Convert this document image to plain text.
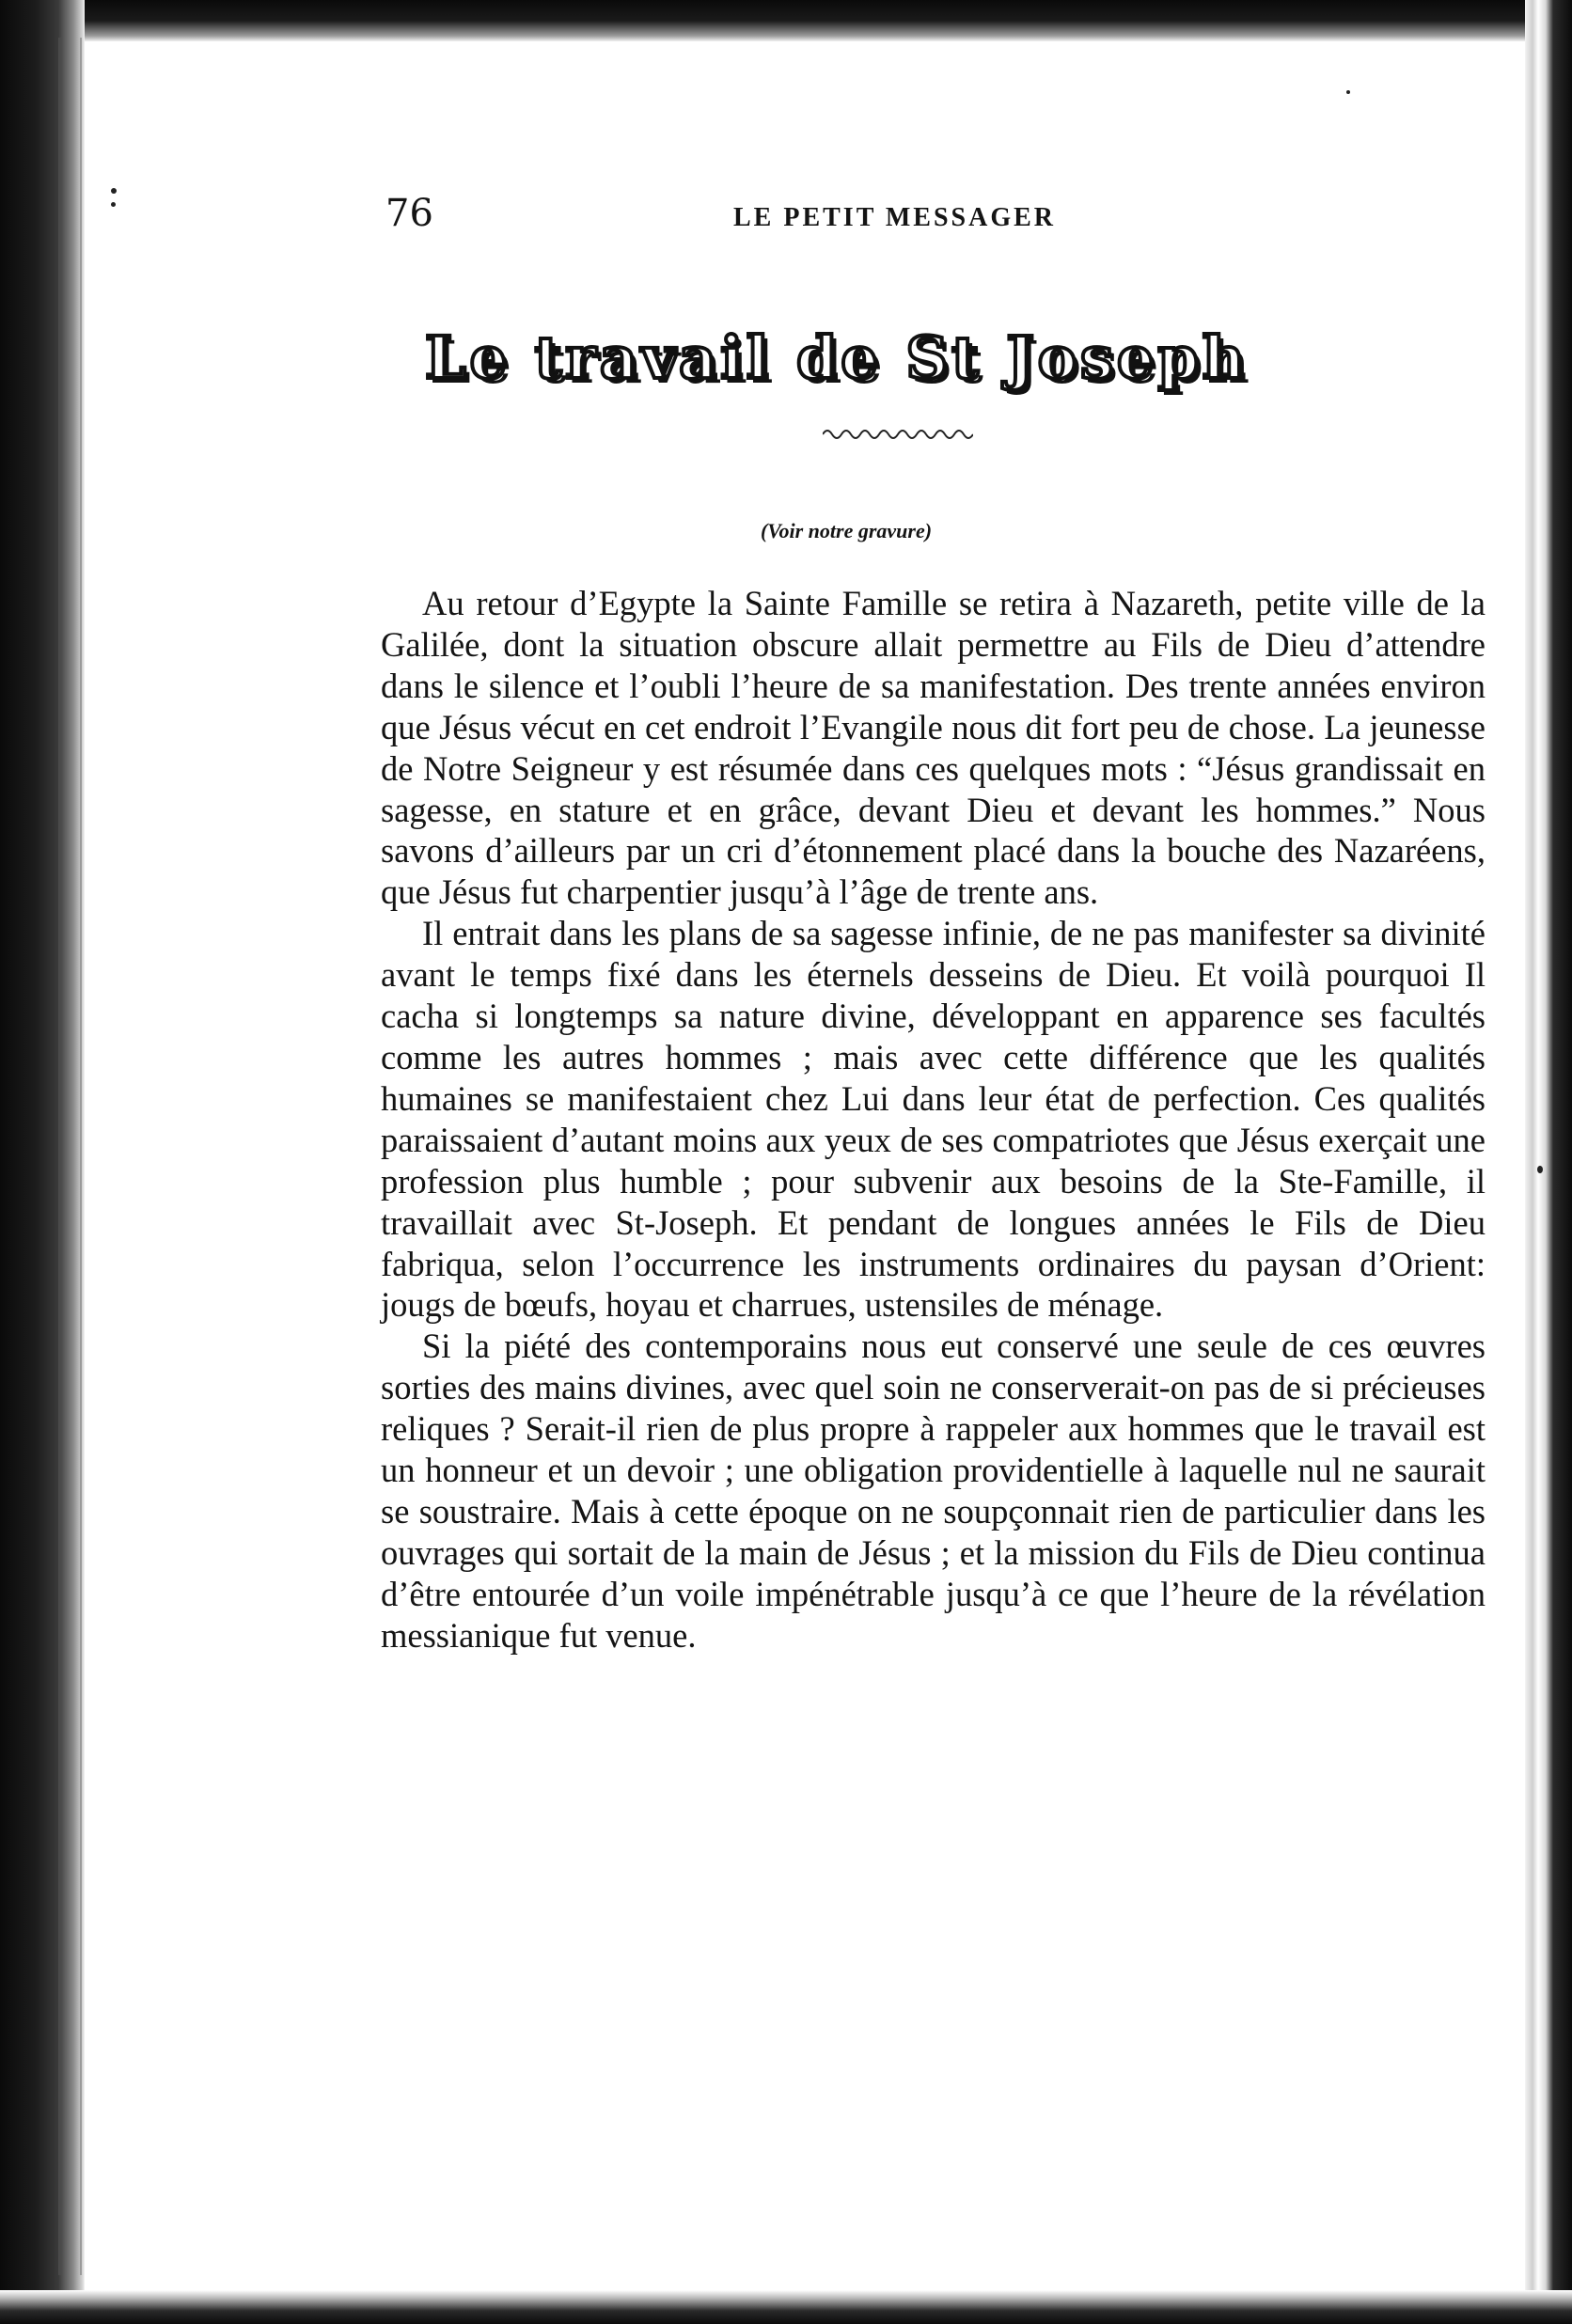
76	LE PETIT MESSAGER
Le travail de St Joseph
(Voir notre gravure)

Au retour d’Egypte la Sainte Famille se retira à Nazareth, petite ville de la Galilée, dont la situation obscure allait permettre au Fils de Dieu d’attendre dans le silence et l’oubli l’heure de sa manifestation. Des trente années environ que Jésus vécut en cet endroit l’Evangile nous dit fort peu de chose. La jeunesse de Notre Seigneur y est résumée dans ces quelques mots : “Jésus grandissait en sagesse, en stature et en grâce, devant Dieu et devant les hommes.” Nous savons d’ailleurs par un cri d’étonnement placé dans la bouche des Nazaréens, que Jésus fut charpentier jusqu’à l’âge de trente ans.

Il entrait dans les plans de sa sagesse infinie, de ne pas manifester sa divinité avant le temps fixé dans les éternels desseins de Dieu. Et voilà pourquoi Il cacha si longtemps sa nature divine, développant en apparence ses facultés comme les autres hommes ; mais avec cette différence que les qualités humaines se manifestaient chez Lui dans leur état de perfection. Ces qualités paraissaient d’autant moins aux yeux de ses compatriotes que Jésus exerçait une profession plus humble ; pour subvenir aux besoins de la Ste-Famille, il travaillait avec St-Joseph. Et pendant de longues années le Fils de Dieu fabriqua, selon l’occurrence les instruments ordinaires du paysan d’Orient: jougs de bœufs, hoyau et charrues, ustensiles de ménage.

Si la piété des contemporains nous eut conservé une seule de ces œuvres sorties des mains divines, avec quel soin ne conserverait-on pas de si précieuses reliques ? Serait-il rien de plus propre à rappeler aux hommes que le travail est un honneur et un devoir ; une obligation providentielle à laquelle nul ne saurait se soustraire. Mais à cette époque on ne soupçonnait rien de particulier dans les ouvrages qui sortait de la main de Jésus ; et la mission du Fils de Dieu continua d’être entourée d’un voile impénétrable jusqu’à ce que l’heure de la révélation messianique fut venue.
